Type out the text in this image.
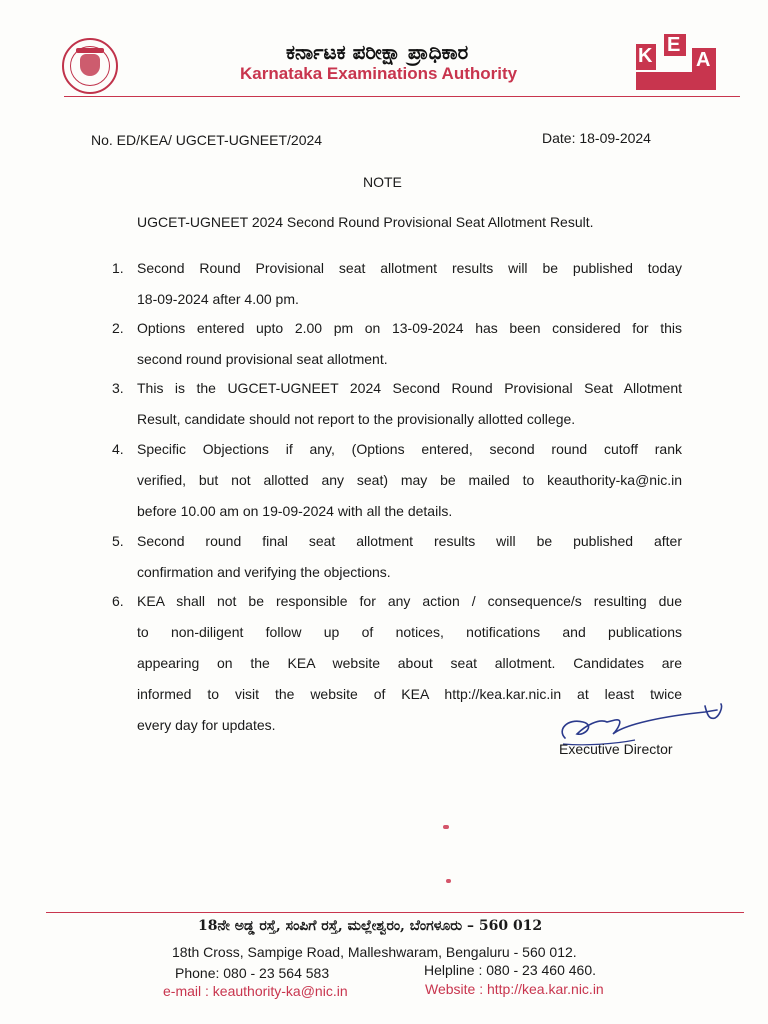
ಕರ್ನಾಟಕ ಪರೀಕ್ಷಾ ಪ್ರಾಧಿಕಾರ
Karnataka Examinations Authority
K E
A
No. ED/KEA/ UGCET-UGNEET/2024	Date: 18-09-2024
NOTE
UGCET-UGNEET 2024 Second Round Provisional Seat Allotment Result.
1. Second Round Provisional seat allotment results will be published today
18-09-2024 after 4.00 pm.
2. Options entered upto 2.00 pm on 13-09-2024 has been considered for this
second round provisional seat allotment.
3. This is the UGCET-UGNEET 2024 Second Round Provisional Seat Allotment
Result, candidate should not report to the provisionally allotted college.
4. Specific Objections if any, (Options entered, second round cutoff rank
verified, but not allotted any seat) may be mailed to keauthority-ka@nic.in
before 10.00 am on 19-09-2024 with all the details.
5. Second round final seat allotment results will be published after
confirmation and verifying the objections.
6. KEA shall not be responsible for any action / consequence/s resulting due
to non-diligent follow up of notices, notifications and publications
appearing on the KEA website about seat allotment. Candidates are
informed to visit the website of KEA http://kea.kar.nic.in at least twice
every day for updates.
Executive Director
18ನೇ ಅಡ್ಡ ರಸ್ತೆ, ಸಂಪಿಗೆ ರಸ್ತೆ, ಮಲ್ಲೇಶ್ವರಂ, ಬೆಂಗಳೂರು – 560 012
18th Cross, Sampige Road, Malleshwaram, Bengaluru - 560 012.
Phone: 080 - 23 564 583	Helpline : 080 - 23 460 460.
e-mail : keauthority-ka@nic.in	Website : http://kea.kar.nic.in
